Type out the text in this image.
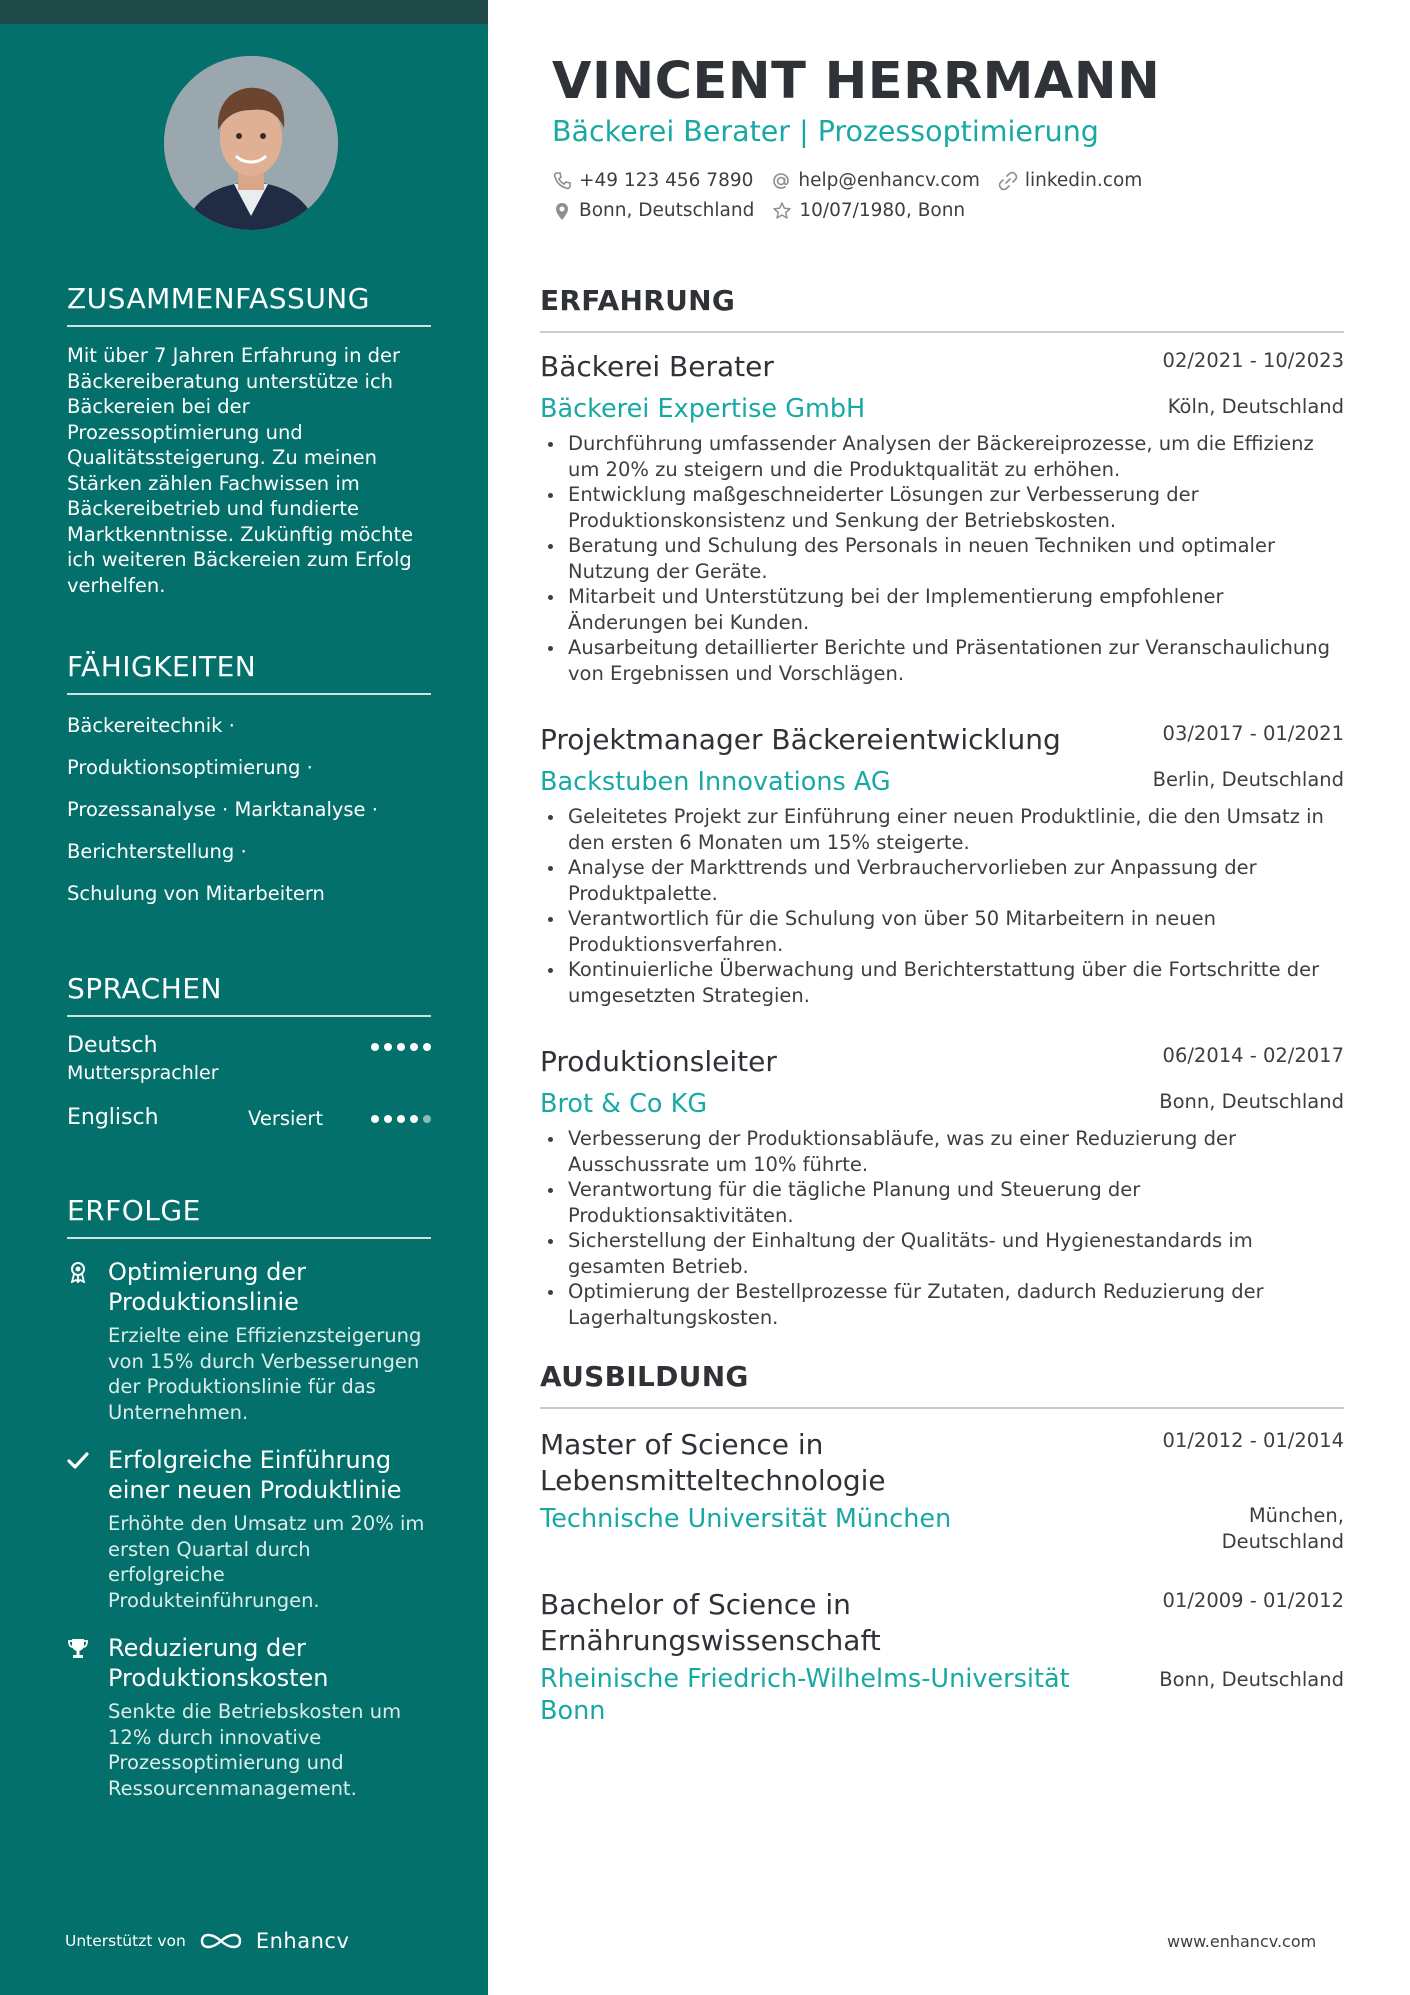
ZUSAMMENFASSUNG

Mit über 7 Jahren Erfahrung in der Bäckereiberatung unterstütze ich Bäckereien bei der Prozessoptimierung und Qualitätssteigerung. Zu meinen Stärken zählen Fachwissen im Bäckereibetrieb und fundierte Marktkenntnisse. Zukünftig möchte ich weiteren Bäckereien zum Erfolg verhelfen.

FÄHIGKEITEN
Bäckereitechnik ·
Produktionsoptimierung ·
Prozessanalyse · Marktanalyse ·
Berichterstellung ·
Schulung von Mitarbeitern
SPRACHEN
Deutsch
Muttersprachler
Englisch	Versiert
ERFOLGE
Optimierung der Produktionslinie
Erzielte eine Effizienzsteigerung von 15% durch Verbesserungen der Produktionslinie für das Unternehmen.
Erfolgreiche Einführung einer neuen Produktlinie
Erhöhte den Umsatz um 20% im ersten Quartal durch erfolgreiche Produkteinführungen.
Reduzierung der Produktionskosten
Senkte die Betriebskosten um 12% durch innovative Prozessoptimierung und Ressourcenmanagement.
Unterstützt von	Enhancv
VINCENT HERRMANN
Bäckerei Berater | Prozessoptimierung
+49 123 456 7890 help@enhancv.com linkedin.com
Bonn, Deutschland 10/07/1980, Bonn
ERFAHRUNG
Bäckerei Berater	02/2021 - 10/2023
Bäckerei Expertise GmbH	Köln, Deutschland
Durchführung umfassender Analysen der Bäckereiprozesse, um die Effizienz um 20% zu steigern und die Produktqualität zu erhöhen.
Entwicklung maßgeschneiderter Lösungen zur Verbesserung der Produktionskonsistenz und Senkung der Betriebskosten.
Beratung und Schulung des Personals in neuen Techniken und optimaler Nutzung der Geräte.
Mitarbeit und Unterstützung bei der Implementierung empfohlener Änderungen bei Kunden.
Ausarbeitung detaillierter Berichte und Präsentationen zur Veranschaulichung von Ergebnissen und Vorschlägen.
Projektmanager Bäckereientwicklung	03/2017 - 01/2021
Backstuben Innovations AG	Berlin, Deutschland
Geleitetes Projekt zur Einführung einer neuen Produktlinie, die den Umsatz in den ersten 6 Monaten um 15% steigerte.
Analyse der Markttrends und Verbrauchervorlieben zur Anpassung der Produktpalette.
Verantwortlich für die Schulung von über 50 Mitarbeitern in neuen Produktionsverfahren.
Kontinuierliche Überwachung und Berichterstattung über die Fortschritte der umgesetzten Strategien.
Produktionsleiter	06/2014 - 02/2017
Brot & Co KG	Bonn, Deutschland
Verbesserung der Produktionsabläufe, was zu einer Reduzierung der Ausschussrate um 10% führte.
Verantwortung für die tägliche Planung und Steuerung der Produktionsaktivitäten.
Sicherstellung der Einhaltung der Qualitäts- und Hygienestandards im gesamten Betrieb.
Optimierung der Bestellprozesse für Zutaten, dadurch Reduzierung der Lagerhaltungskosten.
AUSBILDUNG
Master of Science in Lebensmitteltechnologie
01/2012 - 01/2014
Technische Universität München	München, Deutschland
Bachelor of Science in Ernährungswissenschaft
01/2009 - 01/2012
Rheinische Friedrich-Wilhelms-Universität Bonn
Bonn, Deutschland
www.enhancv.com
